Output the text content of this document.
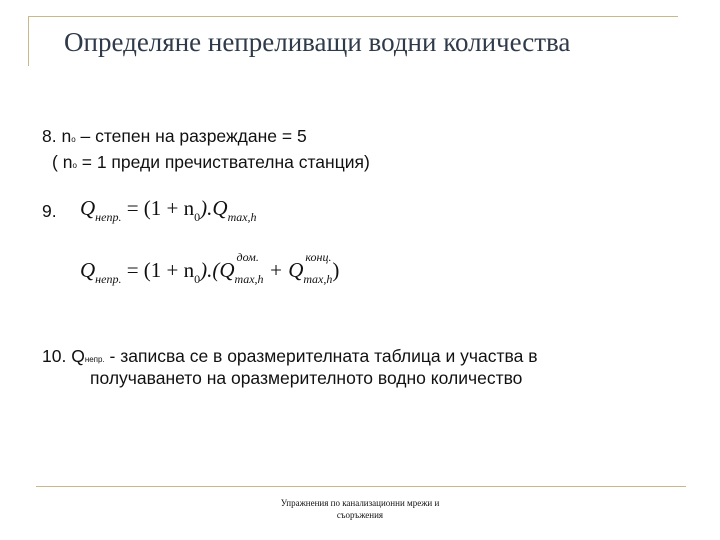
Определяне непреливащи водни количества
8. nо – степен на разреждане = 5
( nо = 1 преди пречиствателна станция)
9. $Q_{непр.} = (1 + n_0).Q_{max,h}$
$Q_{непр.} = (1 + n_0).(Q$
дом.
$_{max,h}$ + Q
конц.
$_{max,h}$)
10. Qнепр. - записва се в оразмерителната таблица и участва в
получаването на оразмерителното водно количество
Упражнения по канализационни мрежи и
съоръжения
